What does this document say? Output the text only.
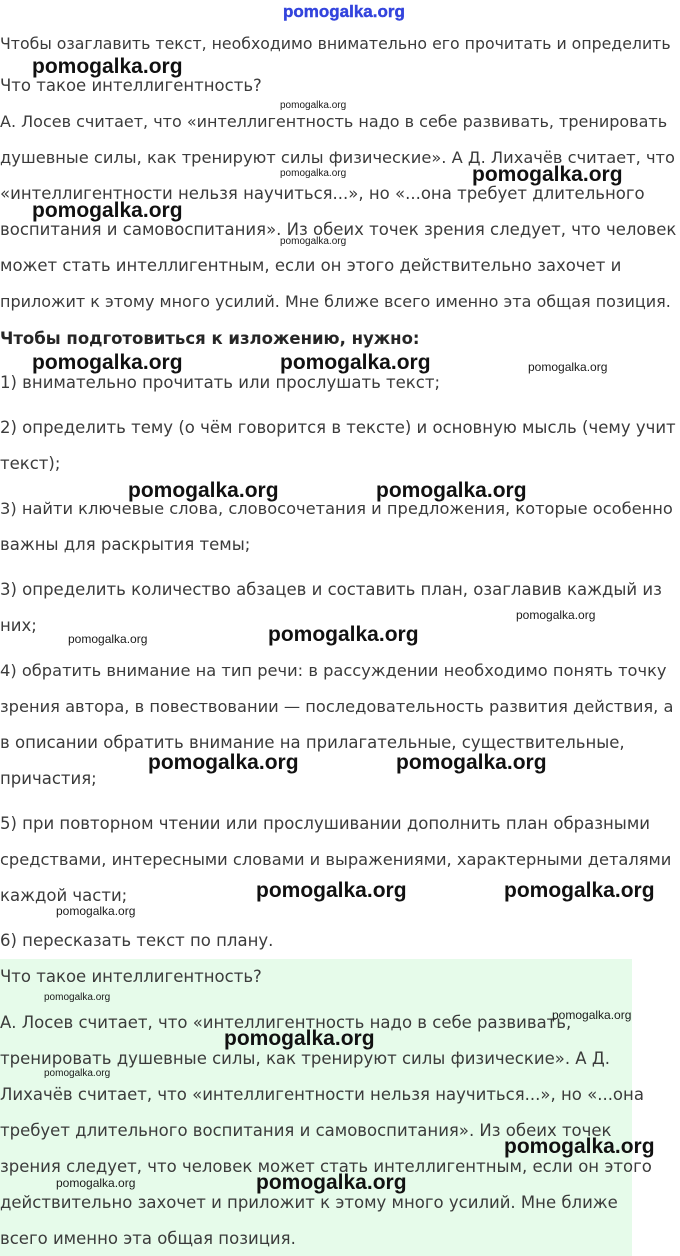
pomogalka.org

Чтобы озаглавить текст, необходимо внимательно его прочитать и определить

Что такое интеллигентность?

А. Лосев считает, что «интеллигентность надо в себе развивать, тренировать

душевные силы, как тренируют силы физические». А Д. Лихачёв считает, что

«интеллигентности нельзя научиться...», но «...она требует длительного

воспитания и самовоспитания». Из обеих точек зрения следует, что человек

может стать интеллигентным, если он этого действительно захочет и

приложит к этому много усилий. Мне ближе всего именно эта общая позиция.

Чтобы подготовиться к изложению, нужно:

1) внимательно прочитать или прослушать текст;

2) определить тему (о чём говорится в тексте) и основную мысль (чему учит

текст);

3) найти ключевые слова, словосочетания и предложения, которые особенно

важны для раскрытия темы;

3) определить количество абзацев и составить план, озаглавив каждый из

них;

4) обратить внимание на тип речи: в рассуждении необходимо понять точку

зрения автора, в повествовании — последовательность развития действия, а

в описании обратить внимание на прилагательные, существительные,

причастия;

5) при повторном чтении или прослушивании дополнить план образными

средствами, интересными словами и выражениями, характерными деталями

каждой части;

6) пересказать текст по плану.

Что такое интеллигентность?

А. Лосев считает, что «интеллигентность надо в себе развивать,

тренировать душевные силы, как тренируют силы физические». А Д.

Лихачёв считает, что «интеллигентности нельзя научиться...», но «...она

требует длительного воспитания и самовоспитания». Из обеих точек

зрения следует, что человек может стать интеллигентным, если он этого

действительно захочет и приложит к этому много усилий. Мне ближе

всего именно эта общая позиция.

pomogalka.org
pomogalka.org
pomogalka.org	pomogalka.org
pomogalka.org
pomogalka.org
pomogalka.org	pomogalka.org	pomogalka.org
pomogalka.org	pomogalka.org
pomogalka.org
pomogalka.org
pomogalka.org
pomogalka.org	pomogalka.org
pomogalka.org	pomogalka.org
pomogalka.org
pomogalka.org
pomogalka.org
pomogalka.org
pomogalka.org
pomogalka.org
pomogalka.org	pomogalka.org
